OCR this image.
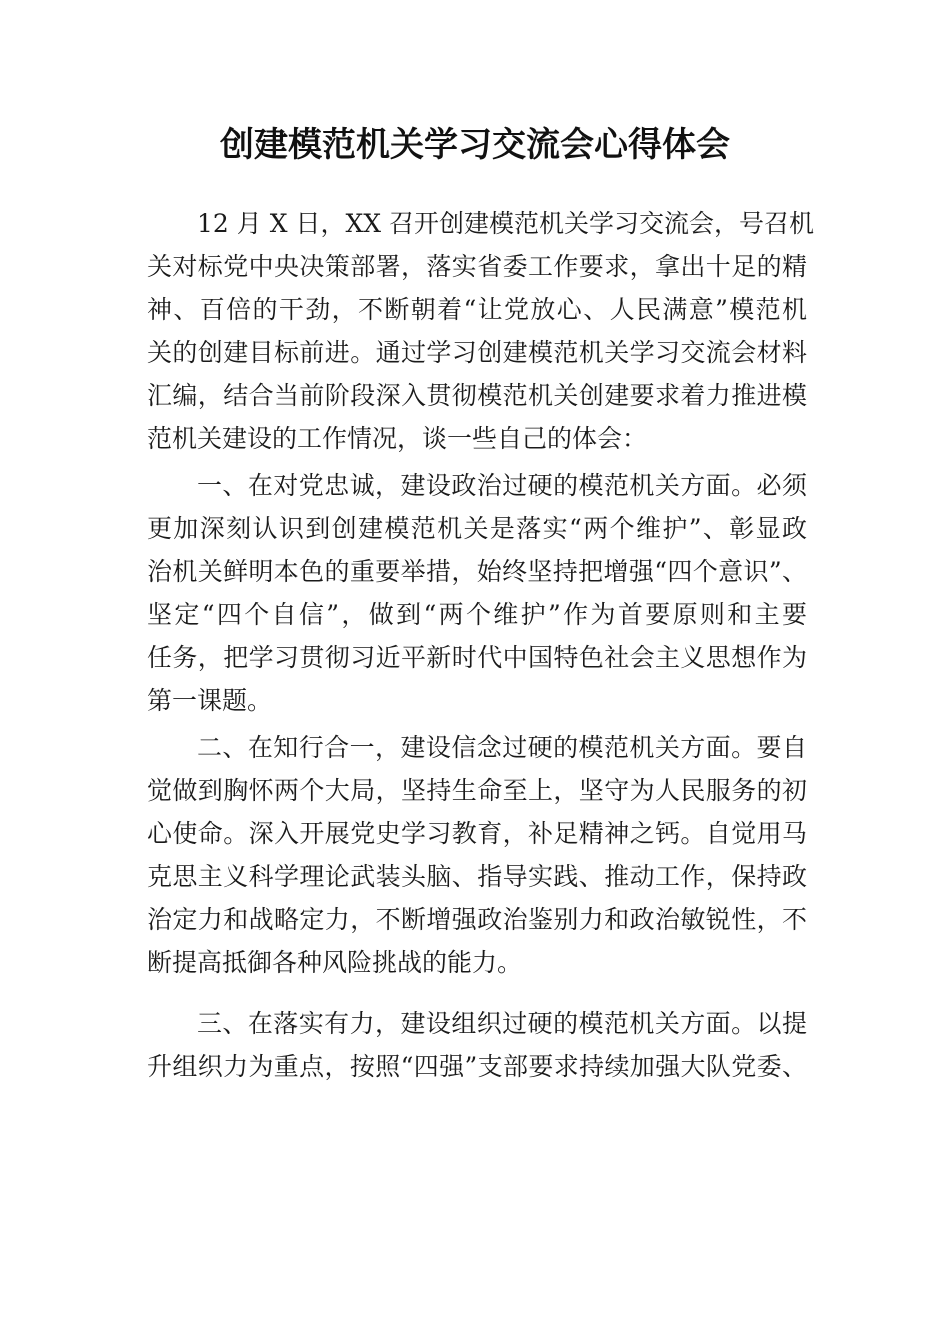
创建模范机关学习交流会心得体会
12 月 X 日，XX 召开创建模范机关学习交流会，号召机
关对标党中央决策部署，落实省委工作要求，拿出十足的精
神、百倍的干劲，不断朝着“让党放心、人民满意”模范机
关的创建目标前进。通过学习创建模范机关学习交流会材料
汇编，结合当前阶段深入贯彻模范机关创建要求着力推进模
范机关建设的工作情况，谈一些自己的体会：
一、在对党忠诚，建设政治过硬的模范机关方面。必须
更加深刻认识到创建模范机关是落实“两个维护”、彰显政
治机关鲜明本色的重要举措，始终坚持把增强“四个意识”、
坚定“四个自信”，做到“两个维护”作为首要原则和主要
任务，把学习贯彻习近平新时代中国特色社会主义思想作为
第一课题。
二、在知行合一，建设信念过硬的模范机关方面。要自
觉做到胸怀两个大局，坚持生命至上，坚守为人民服务的初
心使命。深入开展党史学习教育，补足精神之钙。自觉用马
克思主义科学理论武装头脑、指导实践、推动工作，保持政
治定力和战略定力，不断增强政治鉴别力和政治敏锐性，不
断提高抵御各种风险挑战的能力。
三、在落实有力，建设组织过硬的模范机关方面。以提
升组织力为重点，按照“四强”支部要求持续加强大队党委、
